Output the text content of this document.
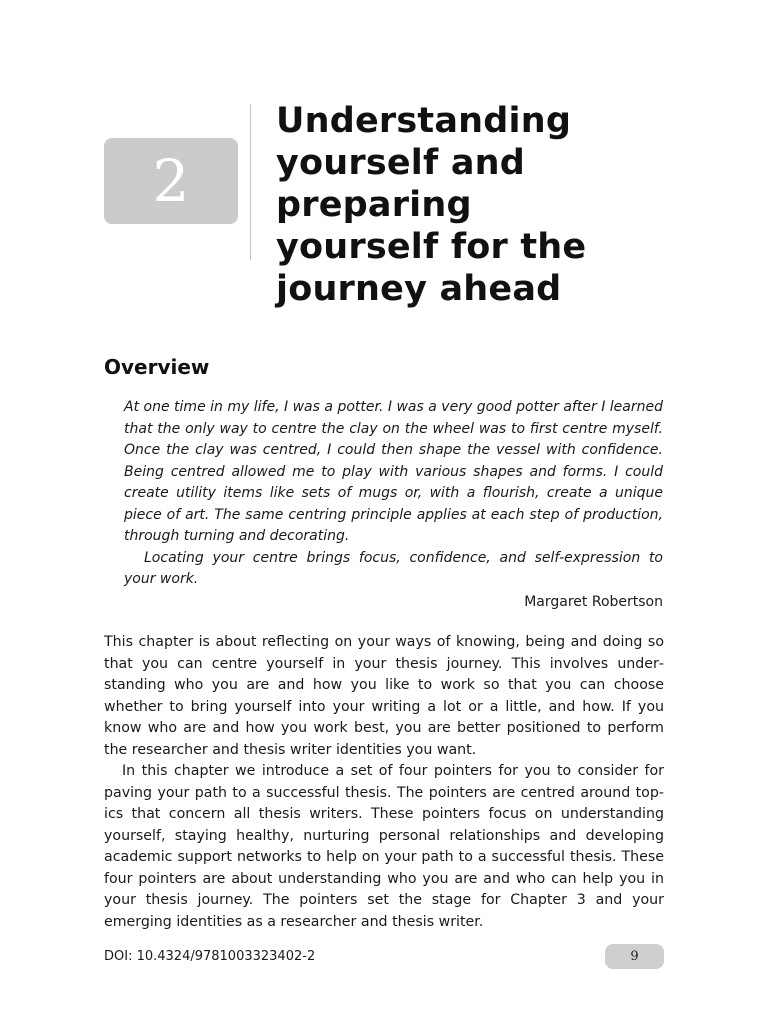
2
Understanding yourself and preparing yourself for the journey ahead
Overview

At one time in my life, I was a potter. I was a very good potter after I learned that the only way to centre the clay on the wheel was to first centre myself. Once the clay was centred, I could then shape the vessel with confidence. Being centred allowed me to play with various shapes and forms. I could create utility items like sets of mugs or, with a flourish, create a unique piece of art. The same centring principle applies at each step of production, through turning and decorating.

Locating your centre brings focus, confidence, and self-expression to your work.

Margaret Robertson

This chapter is about reflecting on your ways of knowing, being and doing so that you can centre yourself in your thesis journey. This involves understanding who you are and how you like to work so that you can choose whether to bring yourself into your writing a lot or a little, and how. If you know who are and how you work best, you are better positioned to perform the researcher and thesis writer identities you want.

In this chapter we introduce a set of four pointers for you to consider for paving your path to a successful thesis. The pointers are centred around topics that concern all thesis writers. These pointers focus on understanding yourself, staying healthy, nurturing personal relationships and developing academic support networks to help on your path to a successful thesis. These four pointers are about understanding who you are and who can help you in your thesis journey. The pointers set the stage for Chapter 3 and your emerging identities as a researcher and thesis writer.

DOI: 10.4324/9781003323402-2	9
